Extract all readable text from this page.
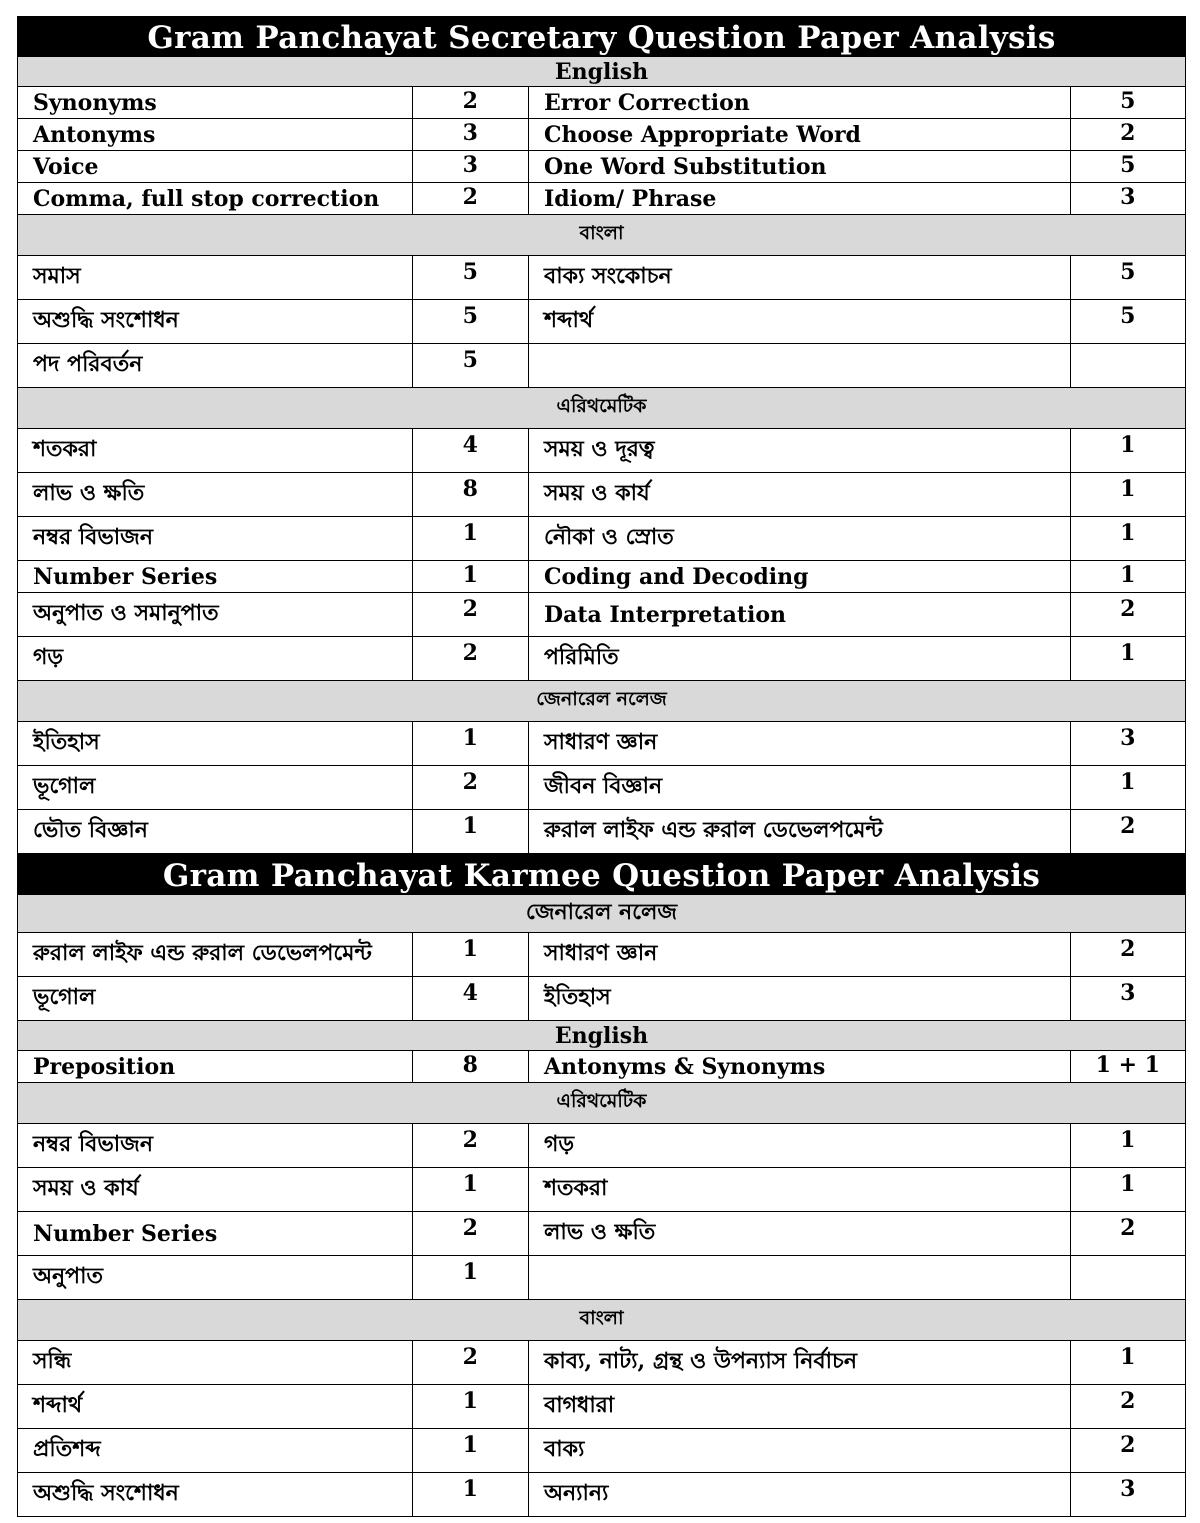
Gram Panchayat Secretary Question Paper Analysis
English			
Synonyms	2	Error Correction	5
Antonyms	3	Choose Appropriate Word	2
Voice	3	One Word Substitution	5
Comma, full stop correction	2	Idiom/ Phrase	3
বাংলা			
সমাস	5	বাক্য সংকোচন	5
অশুদ্ধি সংশোধন	5	শব্দার্থ	5
পদ পরিবর্তন	5		
এরিথমেটিক			
শতকরা	4	সময় ও দূরত্ব	1
লাভ ও ক্ষতি	8	সময় ও কার্য	1
নম্বর বিভাজন	1	নৌকা ও স্রোত	1
Number Series	1	Coding and Decoding	1
অনুপাত ও সমানুপাত	2	Data Interpretation	2
গড়	2	পরিমিতি	1
জেনারেল নলেজ			
ইতিহাস	1	সাধারণ জ্ঞান	3
ভূগোল	2	জীবন বিজ্ঞান	1
ভৌত বিজ্ঞান	1	রুরাল লাইফ এন্ড রুরাল ডেভেলপমেন্ট	2
Gram Panchayat Karmee Question Paper Analysis
জেনারেল নলেজ			
রুরাল লাইফ এন্ড রুরাল ডেভেলপমেন্ট	1	সাধারণ জ্ঞান	2
ভূগোল	4	ইতিহাস	3
English			
Preposition	8	Antonyms & Synonyms	1 + 1
এরিথমেটিক			
নম্বর বিভাজন	2	গড়	1
সময় ও কার্য	1	শতকরা	1
Number Series	2	লাভ ও ক্ষতি	2
অনুপাত	1		
বাংলা			
সন্ধি	2	কাব্য, নাট্য, গ্রন্থ ও উপন্যাস নির্বাচন	1
শব্দার্থ	1	বাগধারা	2
প্রতিশব্দ	1	বাক্য	2
অশুদ্ধি সংশোধন	1	অন্যান্য	3
